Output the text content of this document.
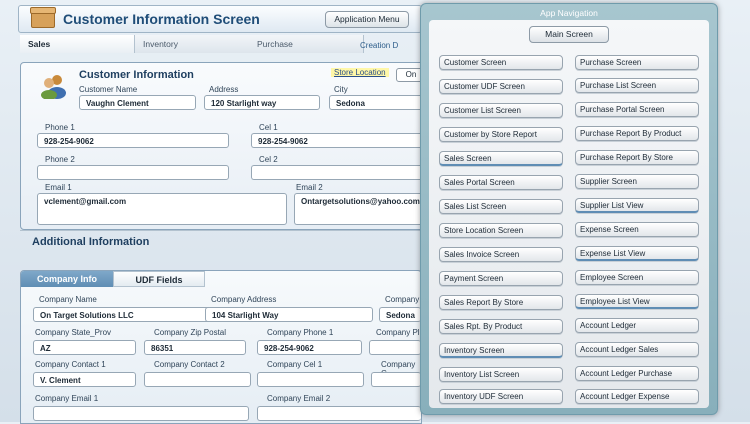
Customer Information Screen	Application Menu
Sales	Inventory	Purchase	Creation D
Customer Information	Store Location	On
Customer Name
Vaughn Clement
Address
120 Starlight way
City
Sedona
Phone 1
928-254-9062
Cel 1
928-254-9062
Phone 2	Cel 2
Email 1
vclement@gmail.com
Email 2
Ontargetsolutions@yahoo.com
Additional Information
Company Info	UDF Fields
Company Name
On Target Solutions LLC
Company Address
104 Starlight Way
Company
Sedona
Company State_Prov
AZ
Company Zip Postal
86351
Company Phone 1
928-254-9062
Company Pl
Company Contact 1
V. Clement
Company Contact 2	Company Cel 1	Company
Company Email 1	Company Email 2
App Navigation
Main Screen
Customer Screen
Customer UDF Screen
Customer List Screen
Customer by Store Report
Sales Screen
Sales Portal Screen
Sales List Screen
Store Location Screen
Sales Invoice Screen
Payment Screen
Sales Report By Store
Sales Rpt. By Product
Inventory Screen
Inventory List Screen
Inventory UDF Screen
Purchase Screen
Purchase List Screen
Purchase Portal Screen
Purchase Report By Product
Purchase Report By Store
Supplier Screen
Supplier List View
Expense Screen
Expense List View
Employee Screen
Employee List View
Account Ledger
Account Ledger Sales
Account Ledger Purchase
Account Ledger Expense
